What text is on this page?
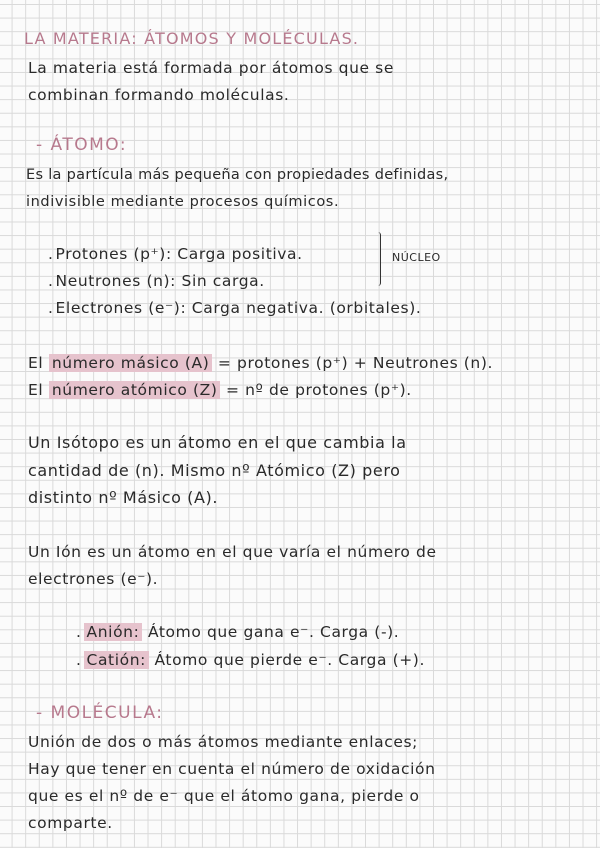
LA MATERIA: ÁTOMOS Y MOLÉCULAS.
La materia está formada por átomos que se
combinan formando moléculas.
- ÁTOMO:
Es la partícula más pequeña con propiedades definidas,
indivisible mediante procesos químicos.
. Protones (p⁺): Carga positiva.
. Neutrones (n): Sin carga.
. Electrones (e⁻): Carga negativa. (orbitales).
NÚCLEO
El número másico (A) = protones (p⁺) + Neutrones (n).
El número atómico (Z) = nº de protones (p⁺).
Un Isótopo es un átomo en el que cambia la
cantidad de (n). Mismo nº Atómico (Z) pero
distinto nº Másico (A).
Un Ión es un átomo en el que varía el número de
electrones (e⁻).
. Anión: Átomo que gana e⁻. Carga (-).
. Catión: Átomo que pierde e⁻. Carga (+).
- MOLÉCULA:
Unión de dos o más átomos mediante enlaces;
Hay que tener en cuenta el número de oxidación
que es el nº de e⁻ que el átomo gana, pierde o
comparte.
